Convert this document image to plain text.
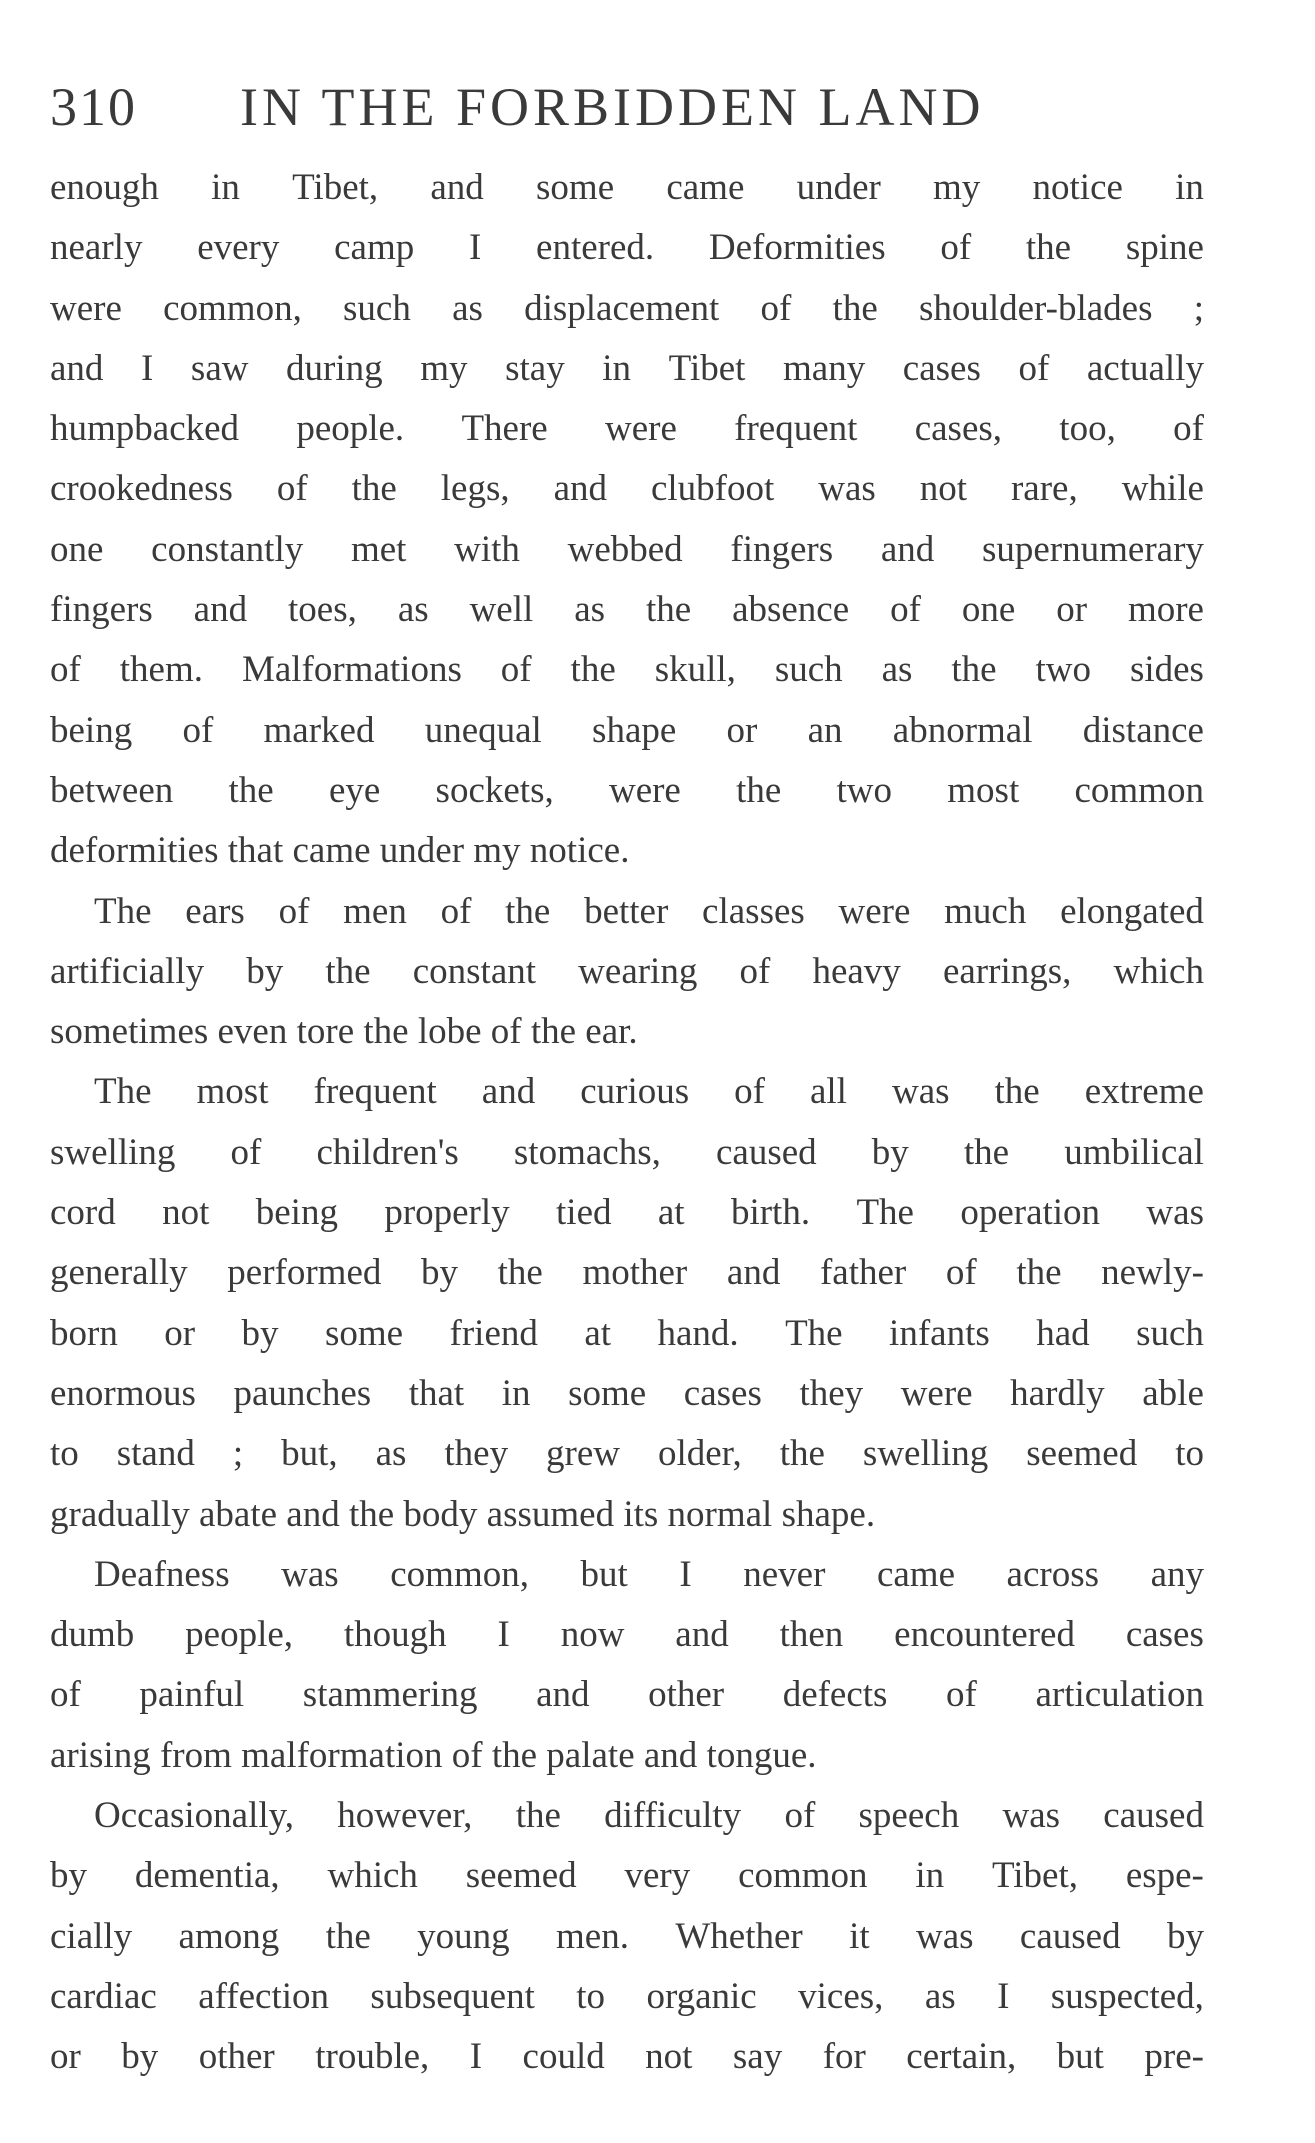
310 IN THE FORBIDDEN LAND
enough in Tibet, and some came under my notice in
nearly every camp I entered. Deformities of the spine
were common, such as displacement of the shoulder-blades ;
and I saw during my stay in Tibet many cases of actually
humpbacked people. There were frequent cases, too, of
crookedness of the legs, and clubfoot was not rare, while
one constantly met with webbed fingers and supernumerary
fingers and toes, as well as the absence of one or more
of them. Malformations of the skull, such as the two sides
being of marked unequal shape or an abnormal distance
between the eye sockets, were the two most common
deformities that came under my notice.
The ears of men of the better classes were much elongated
artificially by the constant wearing of heavy earrings, which
sometimes even tore the lobe of the ear.
The most frequent and curious of all was the extreme
swelling of children's stomachs, caused by the umbilical
cord not being properly tied at birth. The operation was
generally performed by the mother and father of the newly-
born or by some friend at hand. The infants had such
enormous paunches that in some cases they were hardly able
to stand ; but, as they grew older, the swelling seemed to
gradually abate and the body assumed its normal shape.
Deafness was common, but I never came across any
dumb people, though I now and then encountered cases
of painful stammering and other defects of articulation
arising from malformation of the palate and tongue.
Occasionally, however, the difficulty of speech was caused
by dementia, which seemed very common in Tibet, espe-
cially among the young men. Whether it was caused by
cardiac affection subsequent to organic vices, as I suspected,
or by other trouble, I could not say for certain, but pre-
